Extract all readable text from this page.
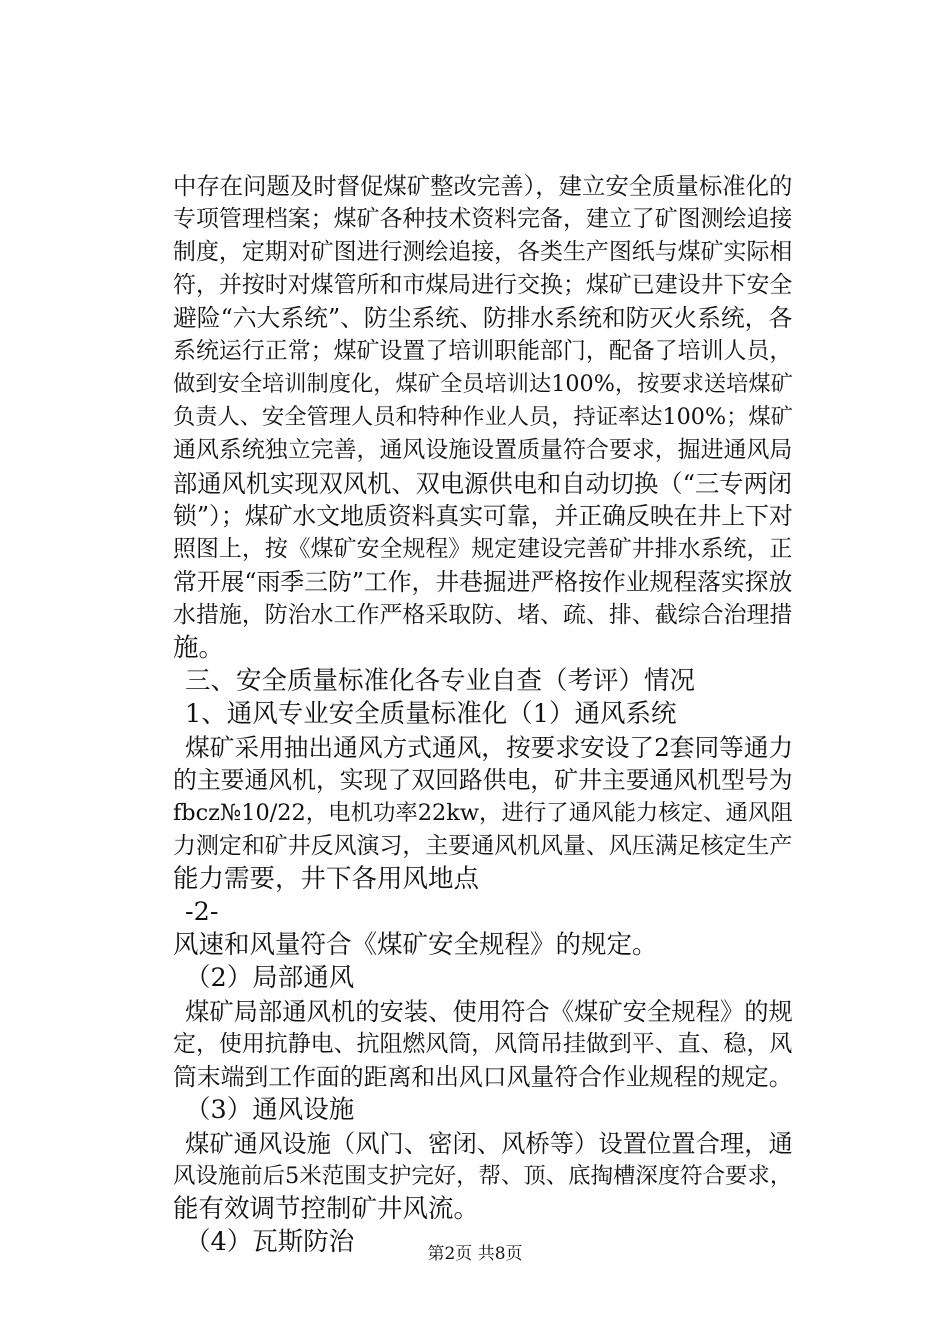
中存在问题及时督促煤矿整改完善），建立安全质量标准化的
专项管理档案；煤矿各种技术资料完备，建立了矿图测绘追接
制度，定期对矿图进行测绘追接，各类生产图纸与煤矿实际相
符，并按时对煤管所和市煤局进行交换；煤矿已建设井下安全
避险“六大系统”、防尘系统、防排水系统和防灭火系统，各
系统运行正常；煤矿设置了培训职能部门，配备了培训人员，
做到安全培训制度化，煤矿全员培训达100%，按要求送培煤矿
负责人、安全管理人员和特种作业人员，持证率达100%；煤矿
通风系统独立完善，通风设施设置质量符合要求，掘进通风局
部通风机实现双风机、双电源供电和自动切换（“三专两闭
锁”）；煤矿水文地质资料真实可靠，并正确反映在井上下对
照图上，按《煤矿安全规程》规定建设完善矿井排水系统，正
常开展“雨季三防”工作，井巷掘进严格按作业规程落实探放
水措施，防治水工作严格采取防、堵、疏、排、截综合治理措
施。
三、安全质量标准化各专业自查（考评）情况
1、通风专业安全质量标准化（1）通风系统
煤矿采用抽出通风方式通风，按要求安设了2套同等通力
的主要通风机，实现了双回路供电，矿井主要通风机型号为
fbcz№10/22，电机功率22kw，进行了通风能力核定、通风阻
力测定和矿井反风演习，主要通风机风量、风压满足核定生产
能力需要，井下各用风地点
-2-
风速和风量符合《煤矿安全规程》的规定。
（2）局部通风
煤矿局部通风机的安装、使用符合《煤矿安全规程》的规
定，使用抗静电、抗阻燃风筒，风筒吊挂做到平、直、稳，风
筒末端到工作面的距离和出风口风量符合作业规程的规定。
（3）通风设施
煤矿通风设施（风门、密闭、风桥等）设置位置合理，通
风设施前后5米范围支护完好，帮、顶、底掏槽深度符合要求，
能有效调节控制矿井风流。
（4）瓦斯防治	第2页 共8页
